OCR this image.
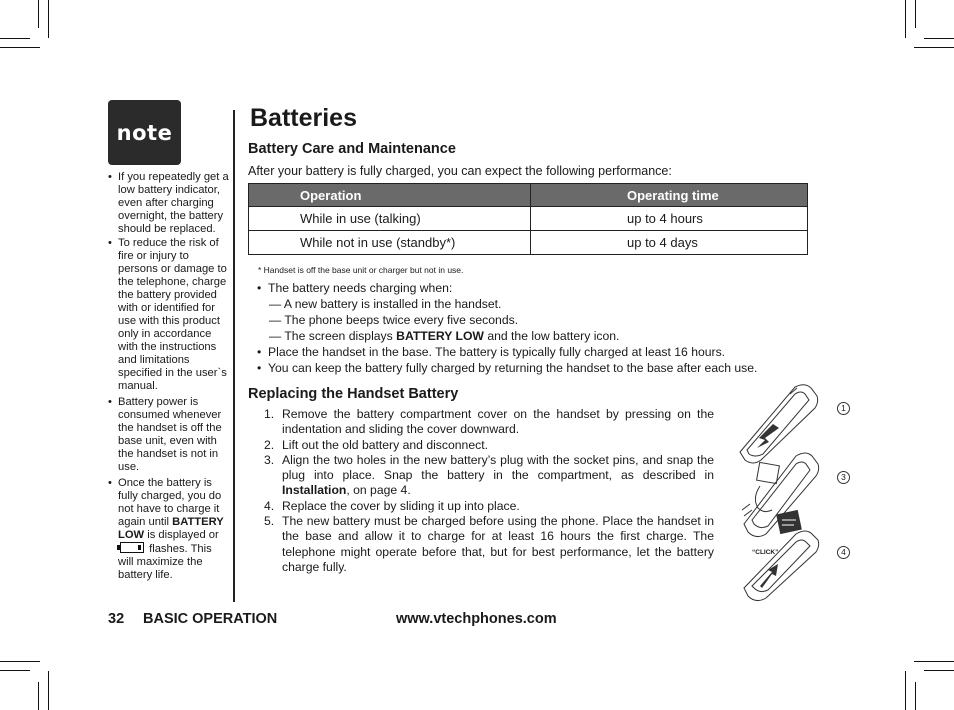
note
• If you repeatedly get a low battery indicator, even after charging overnight, the battery should be replaced.
• To reduce the risk of fire or injury to persons or damage to the telephone, charge the battery provided with or identified for use with this product only in accordance with the instructions and limitations specified in the user`s manual.
• Battery power is consumed whenever the handset is off the base unit, even with the handset is not in use.
• Once the battery is fully charged, you do not have to charge it again until BATTERY LOW is displayed or  flashes. This will maximize the battery life.
Batteries
Battery Care and Maintenance
After your battery is fully charged, you can expect the following performance:
Operation	Operating time
While in use (talking)	up to 4 hours
While not in use (standby*)	up to 4 days
* Handset is off the base unit or charger but not in use.
• The battery needs charging when:
— A new battery is installed in the handset.
— The phone beeps twice every five seconds.
— The screen displays BATTERY LOW and the low battery icon.
• Place the handset in the base. The battery is typically fully charged at least 16 hours.
• You can keep the battery fully charged by returning the handset to the base after each use.
Replacing the Handset Battery
1. Remove the battery compartment cover on the handset by pressing on the indentation and sliding the cover downward.
2. Lift out the old battery and disconnect.
3. Align the two holes in the new battery’s plug with the socket pins, and snap the plug into place. Snap the battery in the compartment, as described in Installation, on page 4.
4. Replace the cover by sliding it up into place.
5. The new battery must be charged before using the phone. Place the handset in the base and allow it to charge for at least 16 hours the first charge. The telephone might operate before that, but for best performance, let the battery charge fully.
1
3
“CLICK”	4
32 BASIC OPERATION	www.vtechphones.com
